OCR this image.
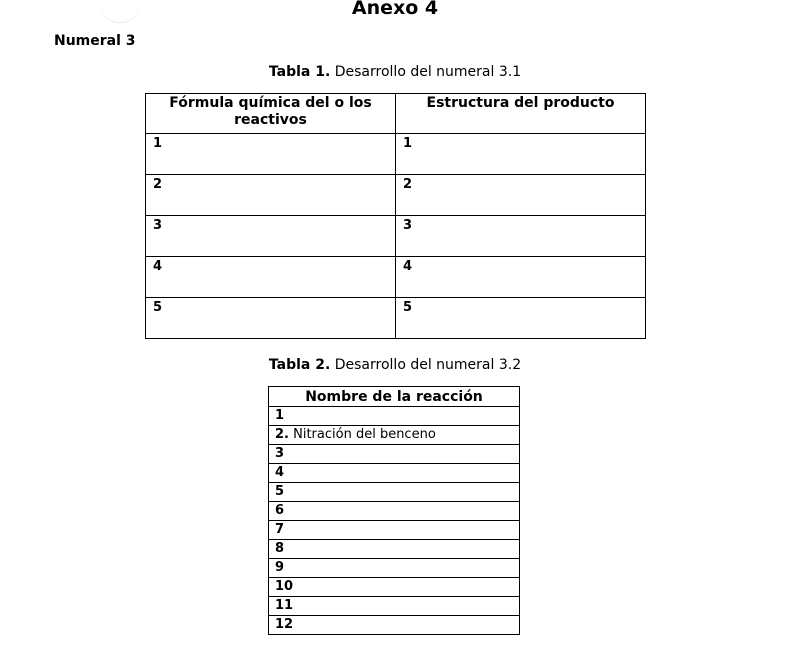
Anexo 4
Numeral 3
Tabla 1. Desarrollo del numeral 3.1
Fórmula química del o los reactivos	Estructura del producto
1	1
2	2
3	3
4	4
5	5
Tabla 2. Desarrollo del numeral 3.2
Nombre de la reacción
1
2. Nitración del benceno
3
4
5
6
7
8
9
10
11
12
